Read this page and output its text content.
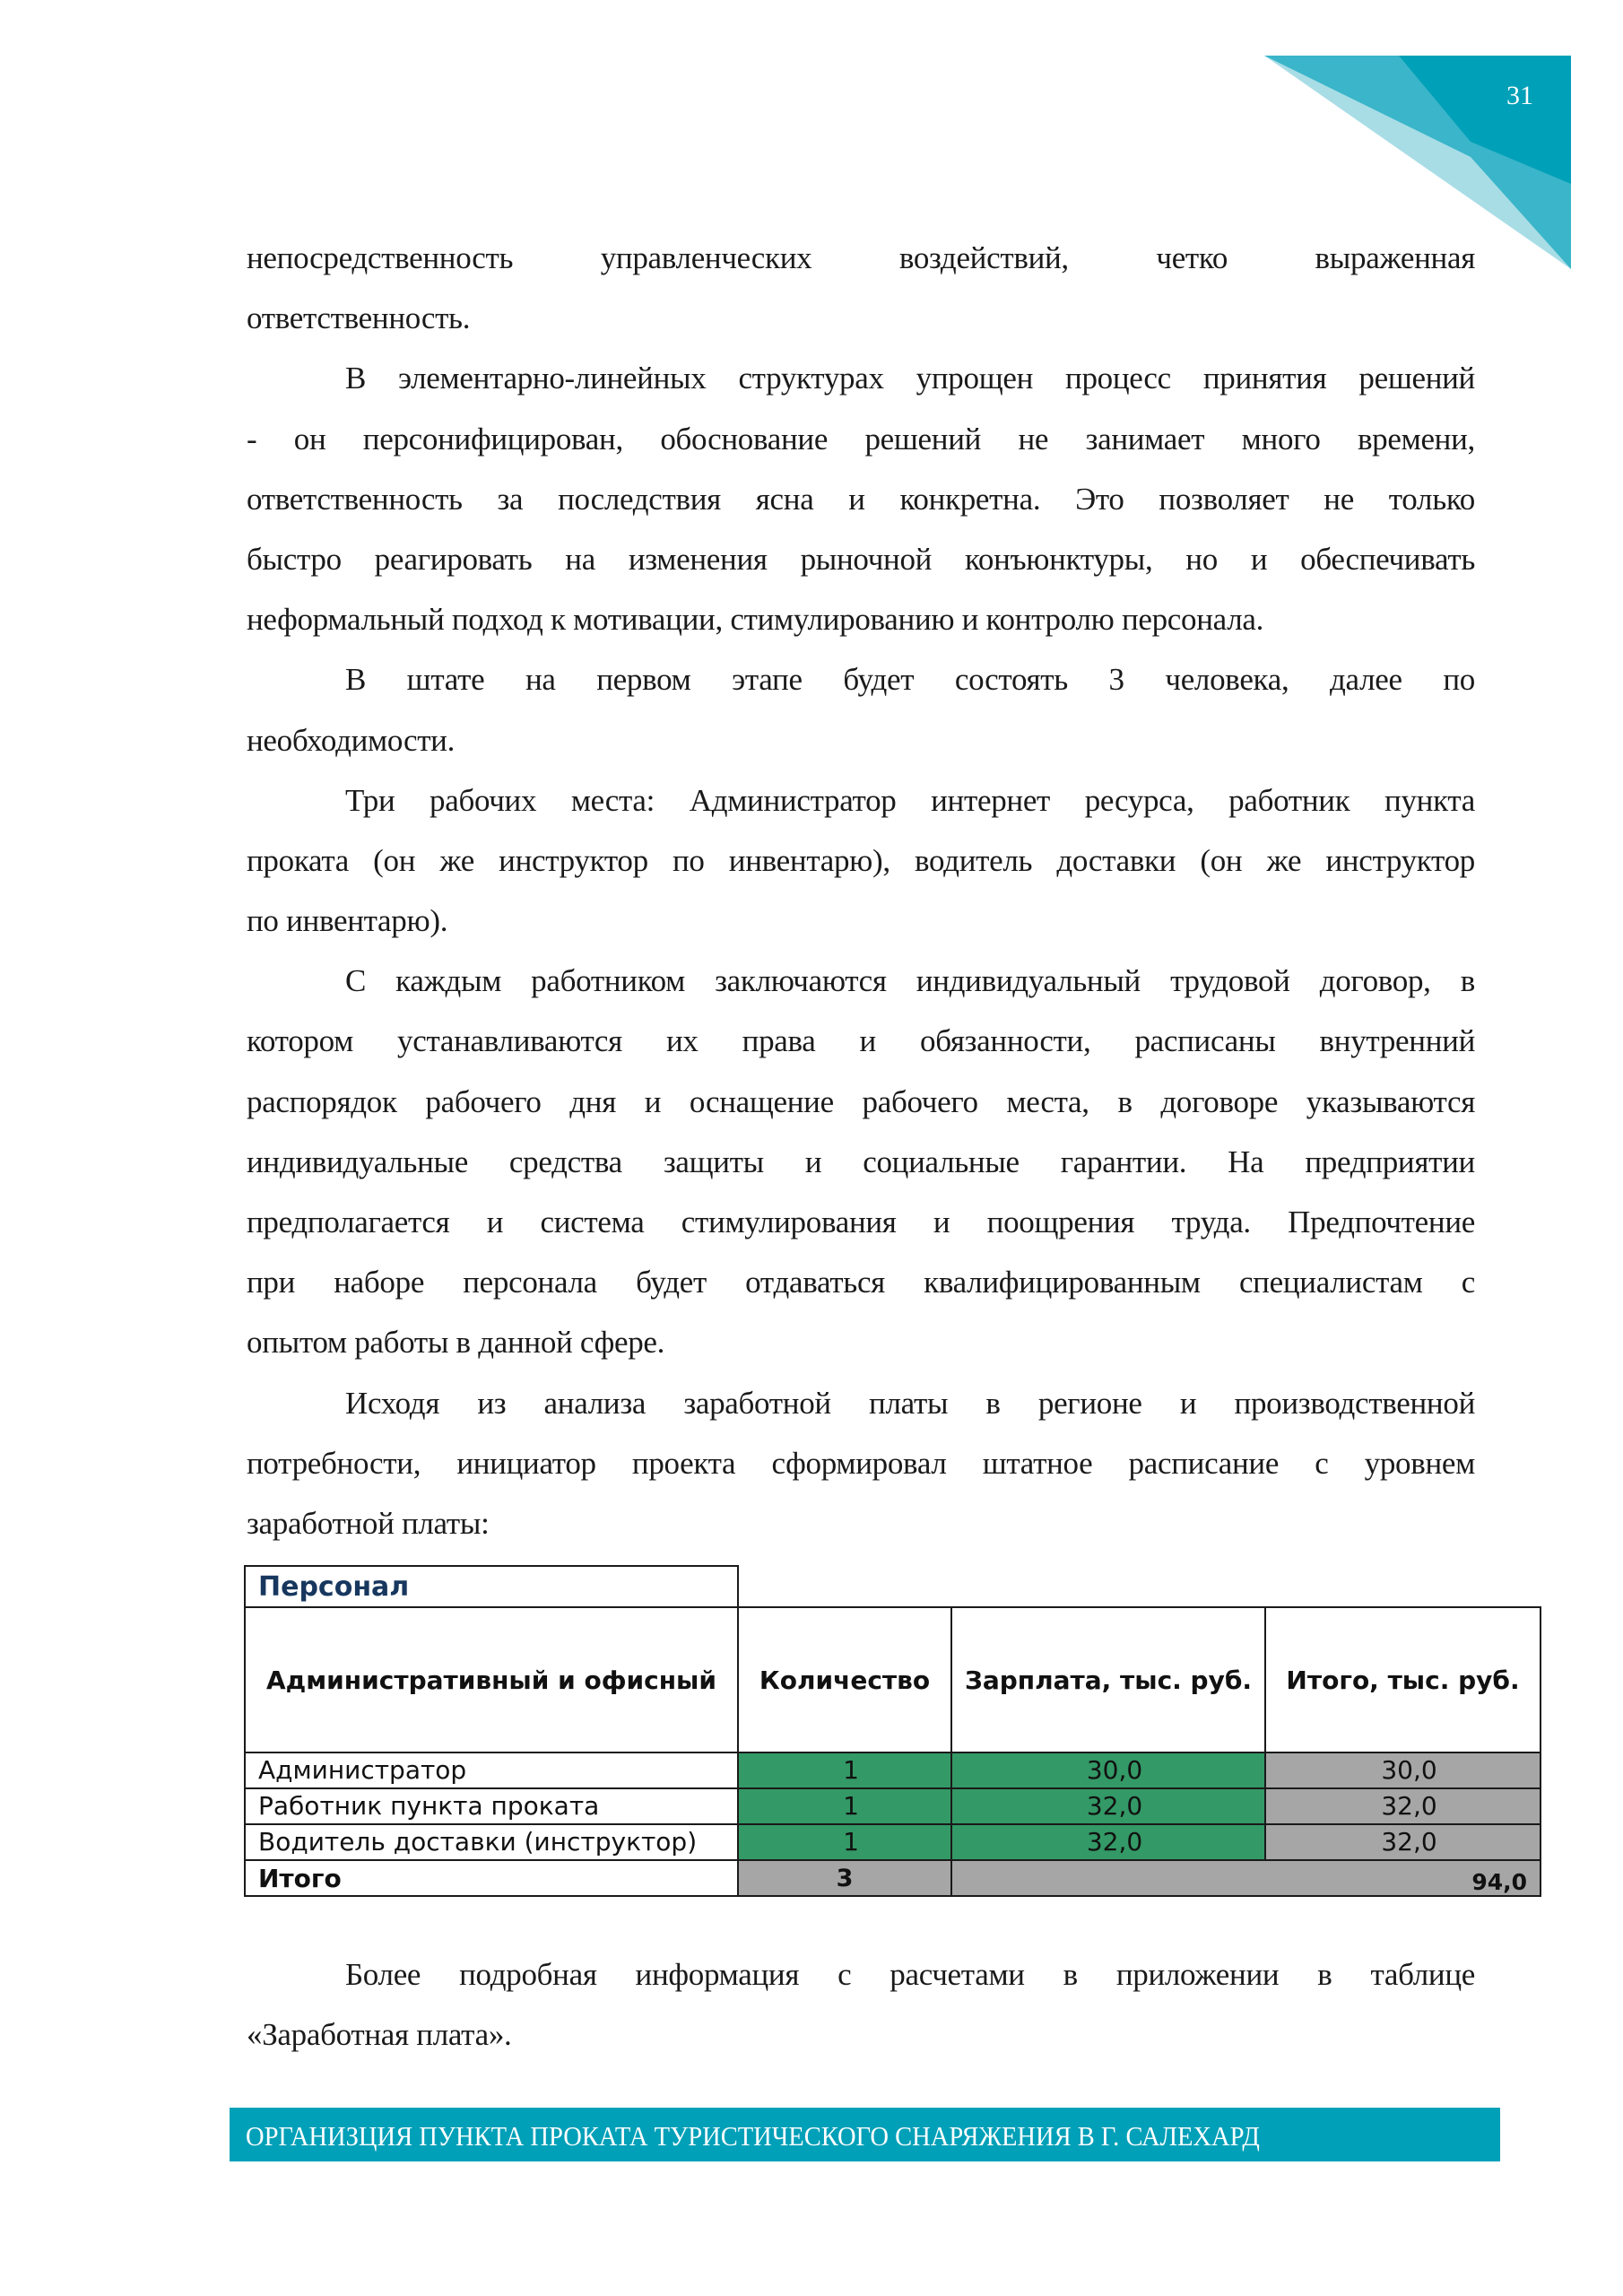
31
непосредственность управленческих воздействий, четко выраженная
ответственность.
В элементарно-линейных структурах упрощен процесс принятия решений
- он персонифицирован, обоснование решений не занимает много времени,
ответственность за последствия ясна и конкретна. Это позволяет не только
быстро реагировать на изменения рыночной конъюнктуры, но и обеспечивать
неформальный подход к мотивации, стимулированию и контролю персонала.
В штате на первом этапе будет состоять 3 человека, далее по
необходимости.
Три рабочих места: Администратор интернет ресурса, работник пункта
проката (он же инструктор по инвентарю), водитель доставки (он же инструктор
по инвентарю).
С каждым работником заключаются индивидуальный трудовой договор, в
котором устанавливаются их права и обязанности, расписаны внутренний
распорядок рабочего дня и оснащение рабочего места, в договоре указываются
индивидуальные средства защиты и социальные гарантии. На предприятии
предполагается и система стимулирования и поощрения труда. Предпочтение
при наборе персонала будет отдаваться квалифицированным специалистам с
опытом работы в данной сфере.
Исходя из анализа заработной платы в регионе и производственной
потребности, инициатор проекта сформировал штатное расписание с уровнем
заработной платы:
Персонал			
Административный и офисный	Количество	Зарплата, тыс. руб.	Итого, тыс. руб.
Администратор	1	30,0	30,0
Работник пункта проката	1	32,0	32,0
Водитель доставки (инструктор)	1	32,0	32,0
Итого	3	94,0	
Более подробная информация с расчетами в приложении в таблице
«Заработная плата».
ОРГАНИЗЦИЯ ПУНКТА ПРОКАТА ТУРИСТИЧЕСКОГО СНАРЯЖЕНИЯ В Г. САЛЕХАРД
